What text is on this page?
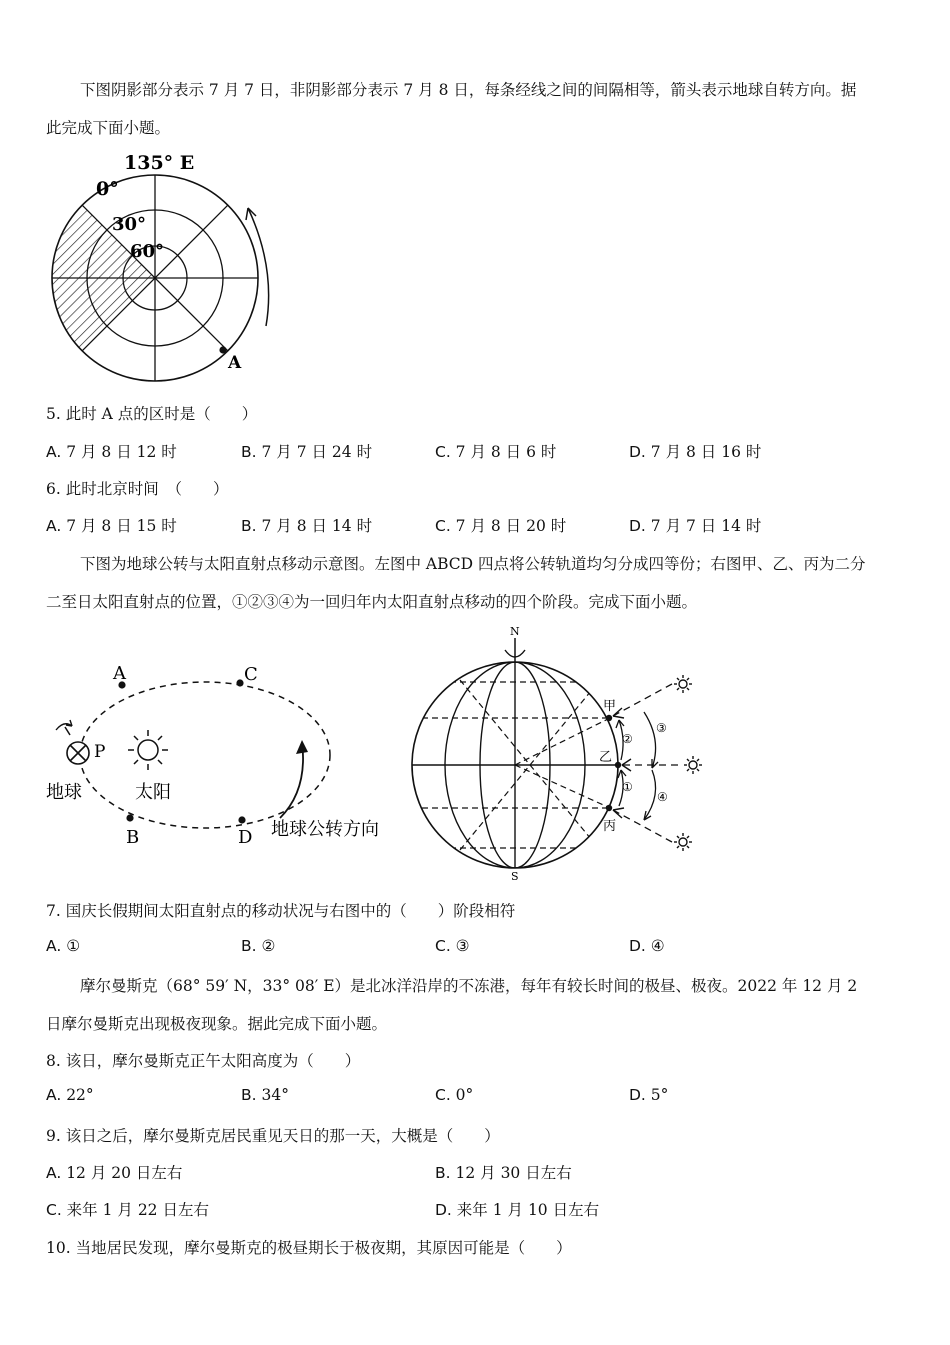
下图阴影部分表示 7 月 7 日，非阴影部分表示 7 月 8 日，每条经线之间的间隔相等，箭头表示地球自转方向。据
此完成下面小题。
A
135° E
0°
30°
60°
5. 此时 A 点的区时是（　　）
A. 7 月 8 日 12 时	B. 7 月 7 日 24 时	C. 7 月 8 日 6 时	D. 7 月 8 日 16 时
6. 此时北京时间　（　　）
A. 7 月 8 日 15 时	B. 7 月 8 日 14 时	C. 7 月 8 日 20 时	D. 7 月 7 日 14 时
下图为地球公转与太阳直射点移动示意图。左图中 ABCD 四点将公转轨道均匀分成四等份；右图甲、乙、丙为二分
二至日太阳直射点的位置，①②③④为一回归年内太阳直射点移动的四个阶段。完成下面小题。
A	C
B	D
P
地球	太阳
地球公转方向
N
S
甲
乙
丙
②
①
③
④
7. 国庆长假期间太阳直射点的移动状况与右图中的（　　）阶段相符
A. ①	B. ②	C. ③	D. ④
摩尔曼斯克（68° 59′ N，33° 08′ E）是北冰洋沿岸的不冻港，每年有较长时间的极昼、极夜。2022 年 12 月 2
日摩尔曼斯克出现极夜现象。据此完成下面小题。
8. 该日，摩尔曼斯克正午太阳高度为（　　）
A. 22°	B. 34°	C. 0°	D. 5°
9. 该日之后，摩尔曼斯克居民重见天日的那一天，大概是（　　）
A. 12 月 20 日左右	B. 12 月 30 日左右
C. 来年 1 月 22 日左右	D. 来年 1 月 10 日左右
10. 当地居民发现，摩尔曼斯克的极昼期长于极夜期，其原因可能是（　　）
